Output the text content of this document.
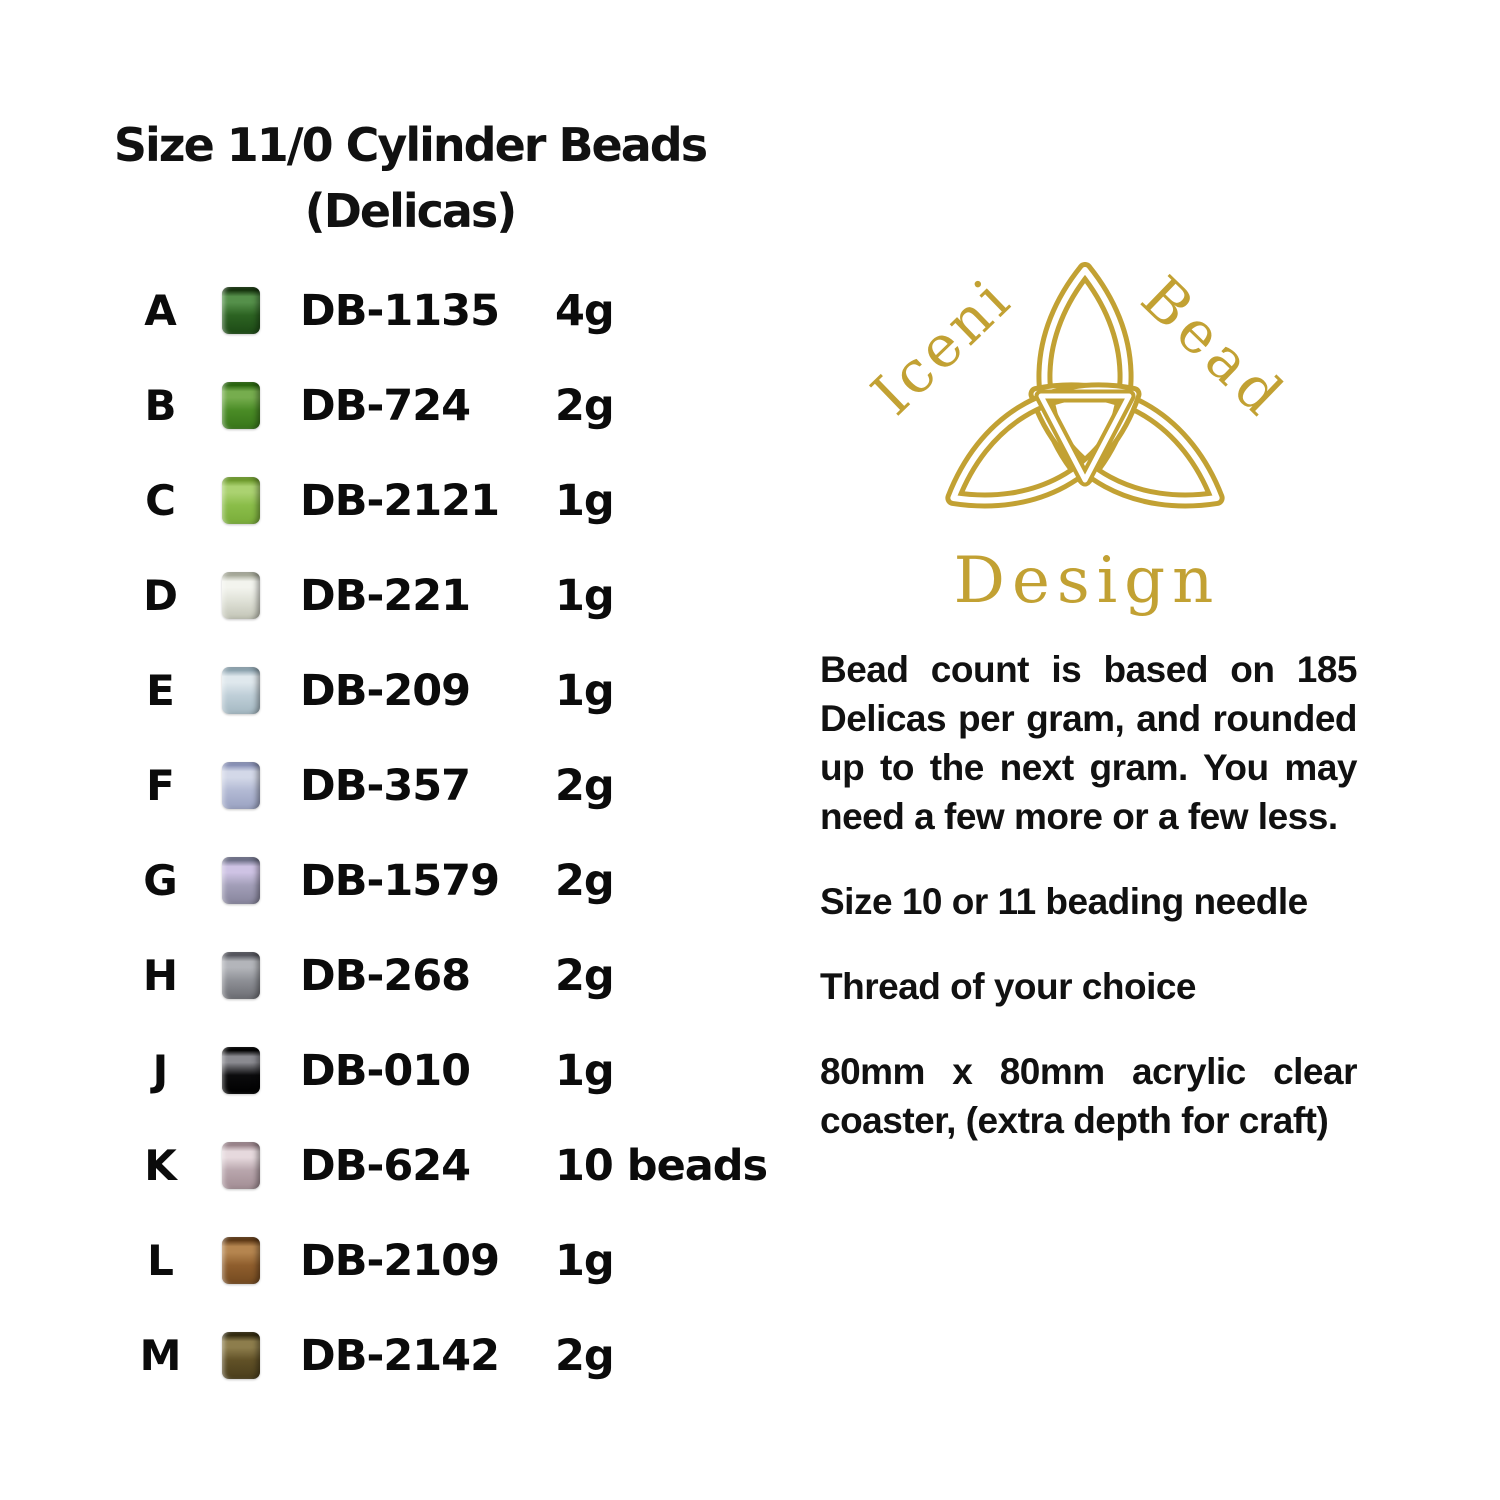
Size 11/0 Cylinder Beads
(Delicas)
A	DB-1135	4g
B	DB-724	2g
C	DB-2121	1g
D	DB-221	1g
E	DB-209	1g
F	DB-357	2g
G	DB-1579	2g
H	DB-268	2g
J	DB-010	1g
K	DB-624	10 beads
L	DB-2109	1g
M	DB-2142	2g
Iceni Bead
Design

Bead count is based on 185 Delicas per gram, and rounded up to the next gram. You may need a few more or a few less.

Size 10 or 11 beading needle

Thread of your choice

80mm x 80mm acrylic clear coaster, (extra depth for craft)
